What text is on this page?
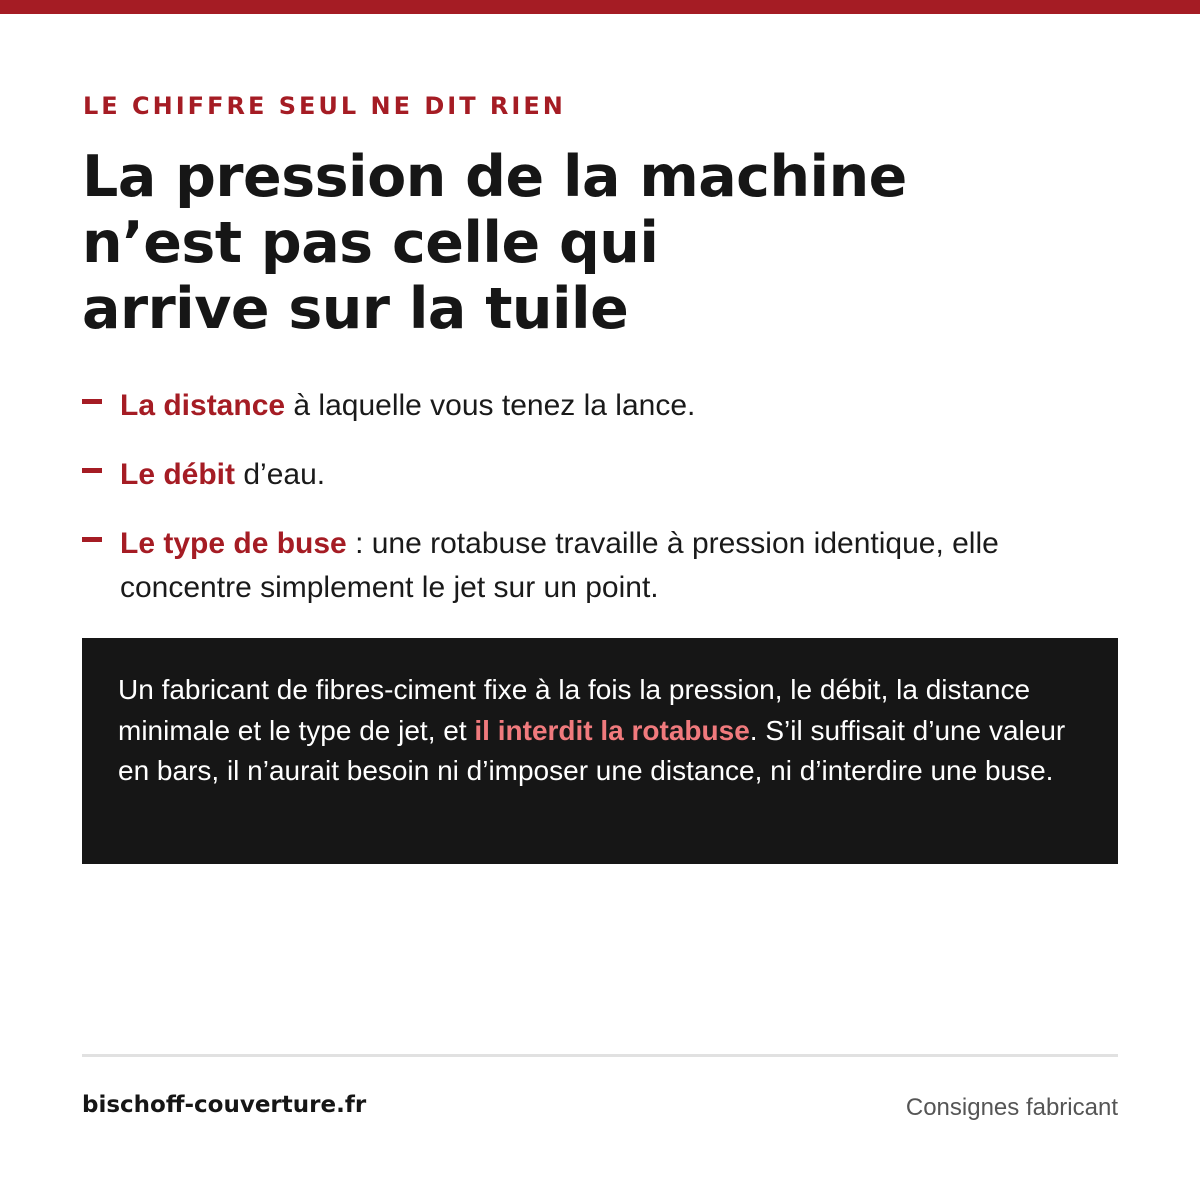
LE CHIFFRE SEUL NE DIT RIEN
La pression de la machine
n’est pas celle qui
arrive sur la tuile
La distance à laquelle vous tenez la lance.
Le débit d’eau.
Le type de buse : une rotabuse travaille à pression identique, elle concentre simplement le jet sur un point.

Un fabricant de fibres-ciment fixe à la fois la pression, le débit, la distance minimale et le type de jet, et il interdit la rotabuse. S’il suffisait d’une valeur en bars, il n’aurait besoin ni d’imposer une distance, ni d’interdire une buse.

bischoff-couverture.fr	Consignes fabricant
